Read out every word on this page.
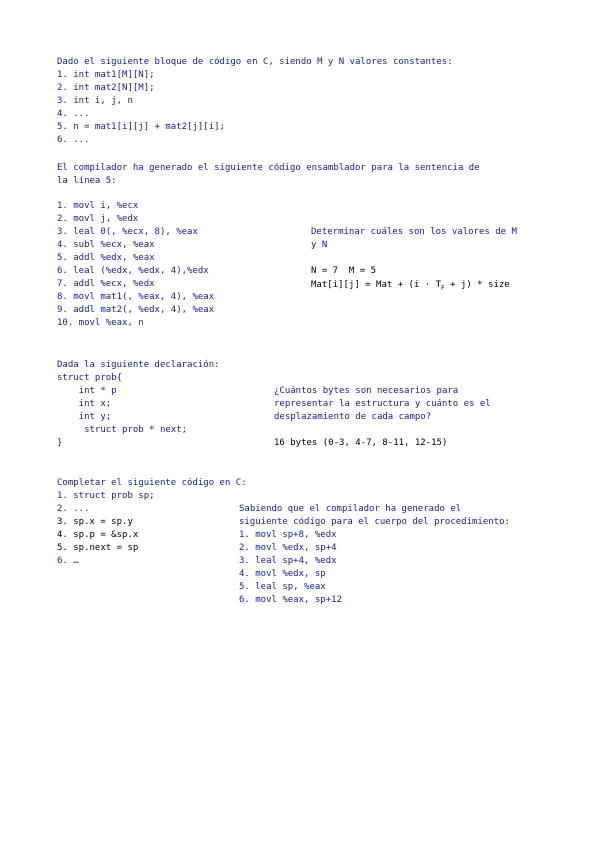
Dado el siguiente bloque de código en C, siendo M y N valores constantes:
1. int mat1[M][N];
2. int mat2[N][M];
3. int i, j, n
4. ...
5. n = mat1[i][j] + mat2[j][i];
6. ...
El compilador ha generado el siguiente código ensamblador para la sentencia de
la línea 5:
1. movl i, %ecx
2. movl j, %edx
3. leal 0(, %ecx, 8), %eax
4. subl %ecx, %eax
5. addl %edx, %eax
6. leal (%edx, %edx, 4),%edx
7. addl %ecx, %edx
8. movl mat1(, %eax, 4), %eax
9. addl mat2(, %edx, 4), %eax
10. movl %eax, n
Determinar cuáles son los valores de M
y N
N = 7  M = 5
Mat[i][j] = Mat + $(i \cdot T_F + j)$ * size
Dada la siguiente declaración:
struct prob{
int * p
int x;
int y;
struct prob * next;
}
¿Cuántos bytes son necesarios para
representar la estructura y cuánto es el
desplazamiento de cada campo?
16 bytes (0-3, 4-7, 8-11, 12-15)
Completar el siguiente código en C:
1. struct prob sp;
2. ...
3. sp.x = sp.y
4. sp.p = &sp.x
5. sp.next = sp
6. …
Sabiendo que el compilador ha generado el
siguiente código para el cuerpo del procedimiento:
1. movl sp+8, %edx
2. movl %edx, sp+4
3. leal sp+4, %edx
4. movl %edx, sp
5. leal sp, %eax
6. movl %eax, sp+12
